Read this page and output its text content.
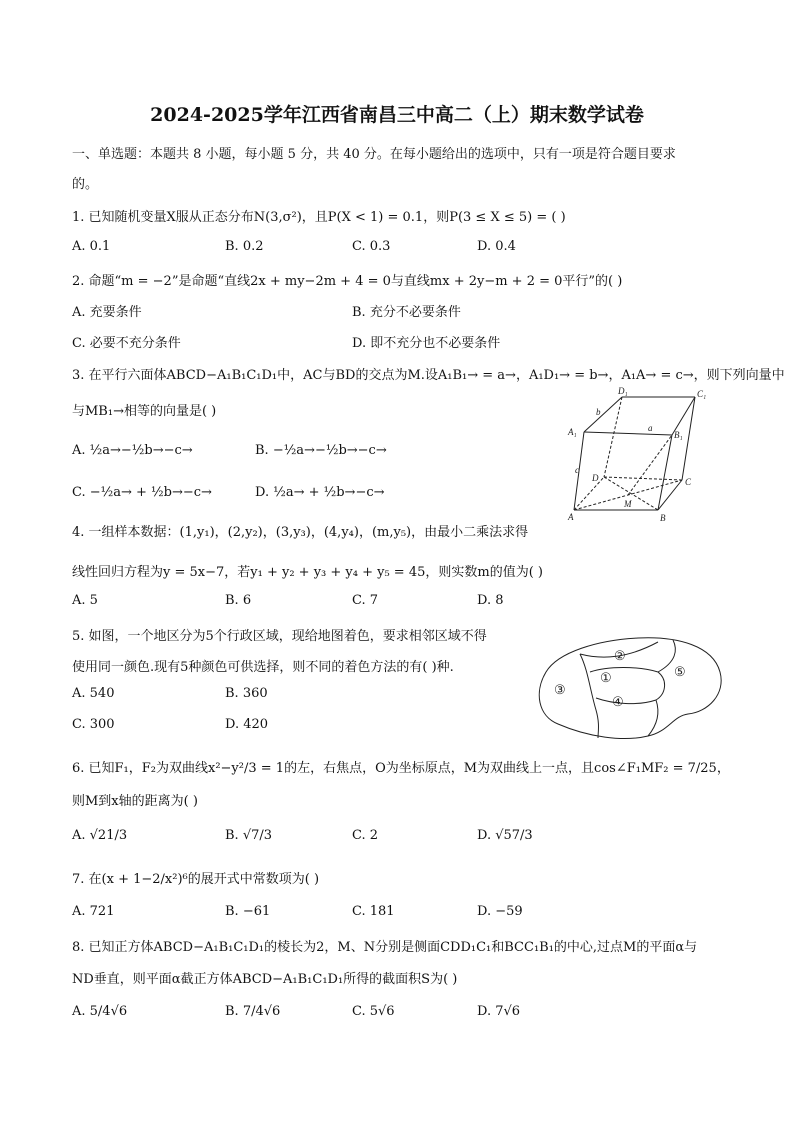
2024-2025学年江西省南昌三中高二（上）期末数学试卷
一、单选题：本题共 8 小题，每小题 5 分，共 40 分。在每小题给出的选项中，只有一项是符合题目要求
的。
1. 已知随机变量X服从正态分布N(3,σ²)，且P(X < 1) = 0.1，则P(3 ≤ X ≤ 5) = ( )
A. 0.1	B. 0.2	C. 0.3	D. 0.4
2. 命题“m = −2”是命题“直线2x + my−2m + 4 = 0与直线mx + 2y−m + 2 = 0平行”的( )
A. 充要条件	B. 充分不必要条件
C. 必要不充分条件	D. 即不充分也不必要条件
3. 在平行六面体ABCD−A₁B₁C₁D₁中，AC与BD的交点为M.设A₁B₁→ = a→，A₁D₁→ = b→，A₁A→ = c→，则下列向量中
与MB₁→相等的向量是( )
A. ½a→−½b→−c→	B. −½a→−½b→−c→
C. −½a→ + ½b→−c→	D. ½a→ + ½b→−c→
D₁	C₁
A₁	B₁
b
a
c
D	C
M
A	B
4. 一组样本数据：(1,y₁)，(2,y₂)，(3,y₃)，(4,y₄)，(m,y₅)，由最小二乘法求得
线性回归方程为y = 5x−7，若y₁ + y₂ + y₃ + y₄ + y₅ = 45，则实数m的值为( )
A. 5	B. 6	C. 7	D. 8
5. 如图，一个地区分为5个行政区域，现给地图着色，要求相邻区域不得
使用同一颜色.现有5种颜色可供选择，则不同的着色方法的有( )种.
A. 540	B. 360
C. 300	D. 420
②
①	⑤
③
④
6. 已知F₁，F₂为双曲线x²−y²/3 = 1的左，右焦点，O为坐标原点，M为双曲线上一点，且cos∠F₁MF₂ = 7/25，
则M到x轴的距离为( )
A. √21/3	B. √7/3	C. 2	D. √57/3
7. 在(x + 1−2/x²)⁶的展开式中常数项为( )
A. 721	B. −61	C. 181	D. −59
8. 已知正方体ABCD−A₁B₁C₁D₁的棱长为2，M、N分别是侧面CDD₁C₁和BCC₁B₁的中心,过点M的平面α与
ND垂直，则平面α截正方体ABCD−A₁B₁C₁D₁所得的截面积S为( )
A. 5/4√6	B. 7/4√6	C. 5√6	D. 7√6
